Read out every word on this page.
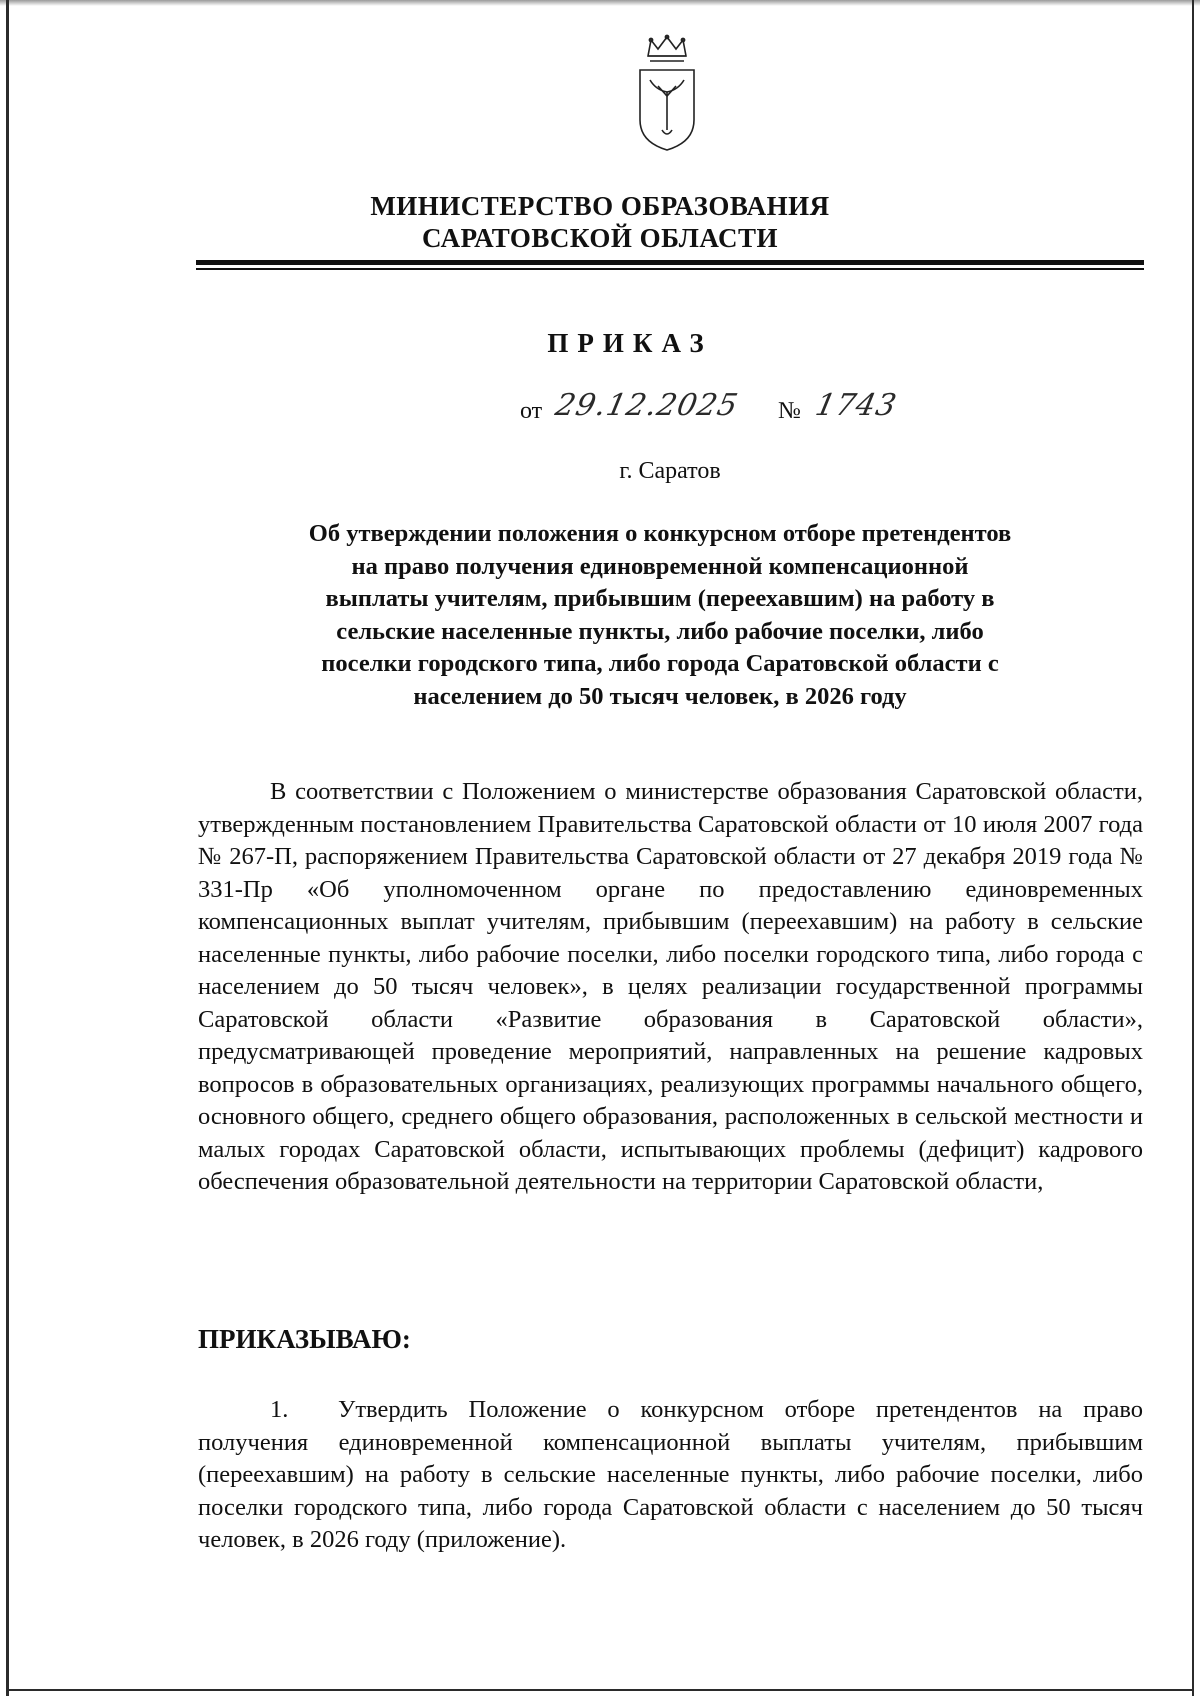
МИНИСТЕРСТВО ОБРАЗОВАНИЯ
САРАТОВСКОЙ ОБЛАСТИ
ПРИКАЗ
от 29.12.2025 № 1743
г. Саратов
Об утверждении положения о конкурсном отборе претендентов на право получения единовременной компенсационной выплаты учителям, прибывшим (переехавшим) на работу в сельские населенные пункты, либо рабочие поселки, либо поселки городского типа, либо города Саратовской области с населением до 50 тысяч человек, в 2026 году
В соответствии с Положением о министерстве образования Саратовской области, утвержденным постановлением Правительства Саратовской области от 10 июля 2007 года № 267-П, распоряжением Правительства Саратовской области от 27 декабря 2019 года № 331-Пр «Об уполномоченном органе по предоставлению единовременных компенсационных выплат учителям, прибывшим (переехавшим) на работу в сельские населенные пункты, либо рабочие поселки, либо поселки городского типа, либо города с населением до 50 тысяч человек», в целях реализации государственной программы Саратовской области «Развитие образования в Саратовской области», предусматривающей проведение мероприятий, направленных на решение кадровых вопросов в образовательных организациях, реализующих программы начального общего, основного общего, среднего общего образования, расположенных в сельской местности и малых городах Саратовской области, испытывающих проблемы (дефицит) кадрового обеспечения образовательной деятельности на территории Саратовской области,
ПРИКАЗЫВАЮ:
1. Утвердить Положение о конкурсном отборе претендентов на право получения единовременной компенсационной выплаты учителям, прибывшим (переехавшим) на работу в сельские населенные пункты, либо рабочие поселки, либо поселки городского типа, либо города Саратовской области с населением до 50 тысяч человек, в 2026 году (приложение).
